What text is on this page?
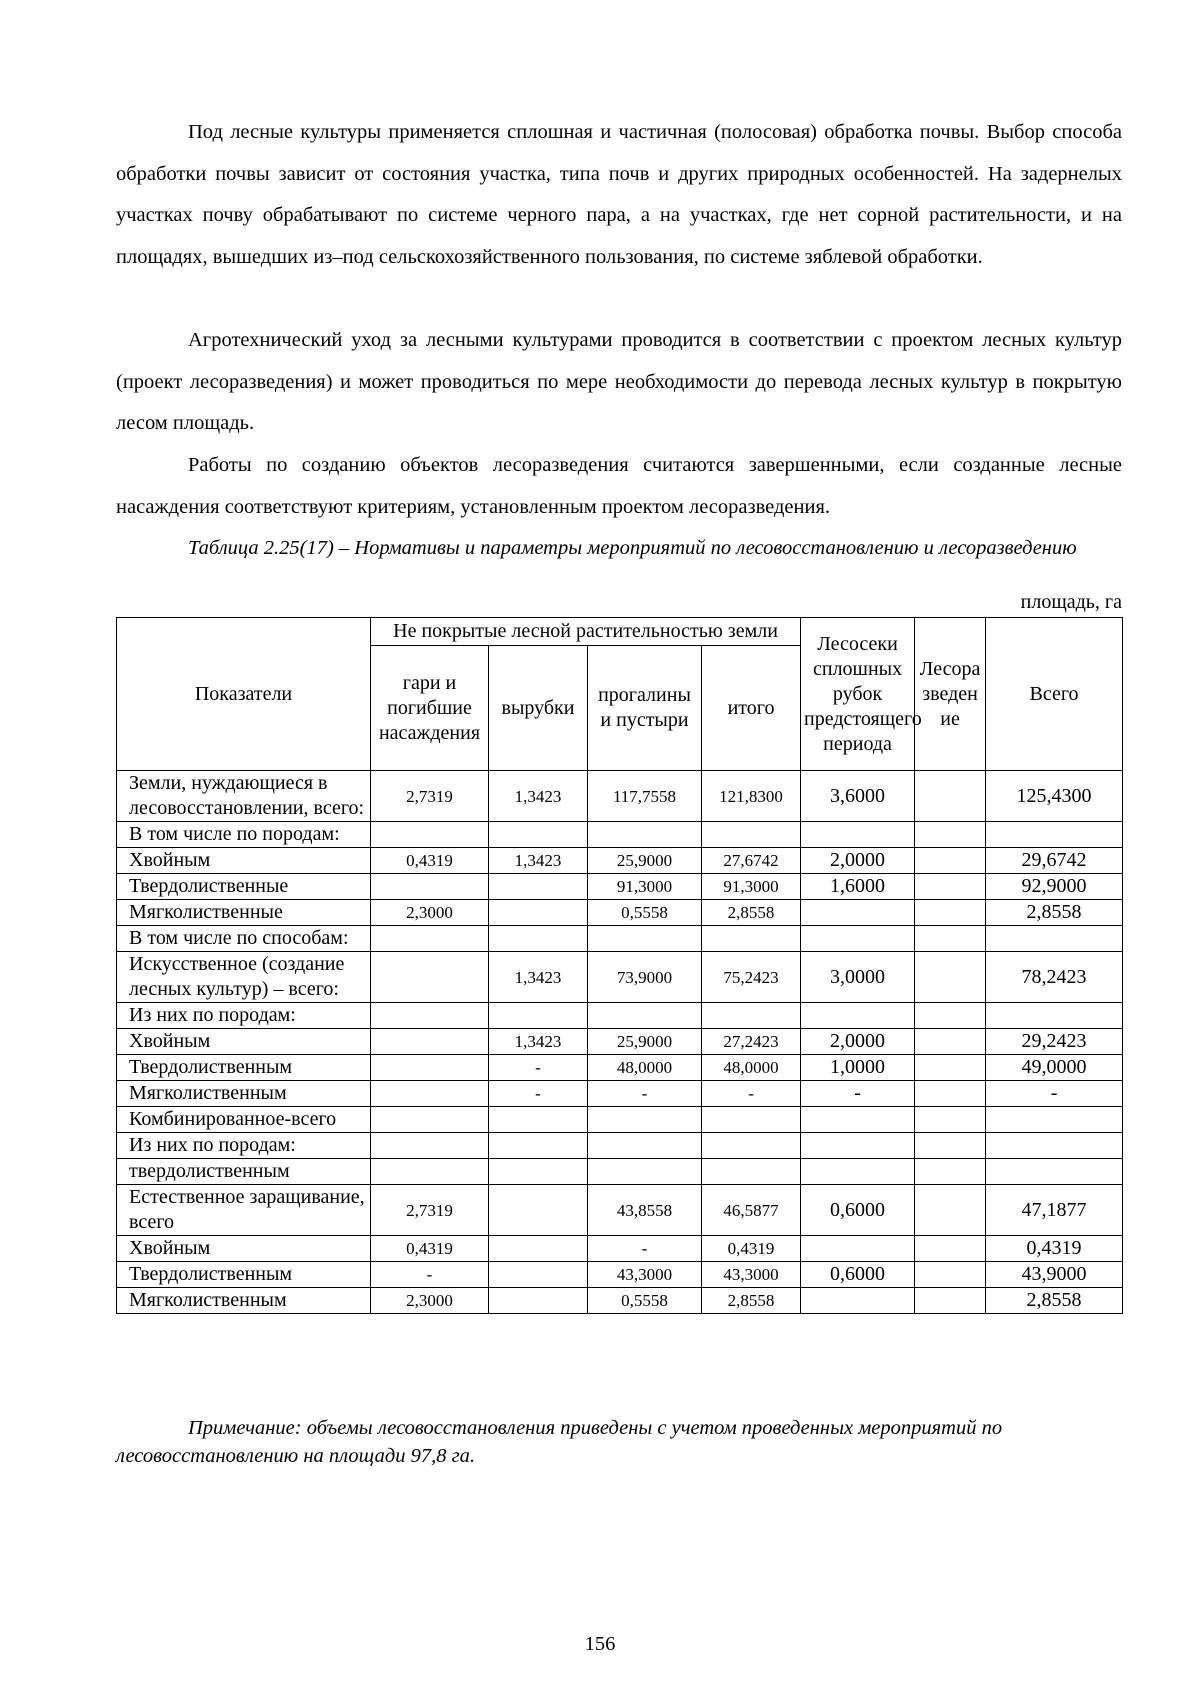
Под лесные культуры применяется сплошная и частичная (полосовая) обработка почвы. Выбор способа обработки почвы зависит от состояния участка, типа почв и других природных особенностей. На задернелых участках почву обрабатывают по системе черного пара, а на участках, где нет сорной растительности, и на площадях, вышедших из–под сельскохозяйственного пользования, по системе зяблевой обработки.

Агротехнический уход за лесными культурами проводится в соответствии с проектом лесных культур (проект лесоразведения) и может проводиться по мере необходимости до перевода лесных культур в покрытую лесом площадь.

Работы по созданию объектов лесоразведения считаются завершенными, если созданные лесные насаждения соответствуют критериям, установленным проектом лесоразведения.

Таблица 2.25(17) – Нормативы и параметры мероприятий по лесовосстановлению и лесоразведению

площадь, га
Показатели	Не покрытые лесной растительностью земли				Лесосеки сплошных рубок предстоящего периода	Лесоразведение	Всего
	гари и погибшие насаждения	вырубки	прогалины и пустыри	итого			
Земли, нуждающиеся в лесовосстановлении, всего:	2,7319	1,3423	117,7558	121,8300	3,6000		125,4300
В том числе по породам:							
Хвойным	0,4319	1,3423	25,9000	27,6742	2,0000		29,6742
Твердолиственные			91,3000	91,3000	1,6000		92,9000
Мягколиственные	2,3000		0,5558	2,8558			2,8558
В том числе по способам:							
Искусственное (создание лесных культур) – всего:		1,3423	73,9000	75,2423	3,0000		78,2423
Из них по породам:							
Хвойным		1,3423	25,9000	27,2423	2,0000		29,2423
Твердолиственным		-	48,0000	48,0000	1,0000		49,0000
Мягколиственным		-	-	-	-		-
Комбинированное-всего							
Из них по породам:							
твердолиственным							
Естественное заращивание, всего	2,7319		43,8558	46,5877	0,6000		47,1877
Хвойным	0,4319		-	0,4319			0,4319
Твердолиственным	-		43,3000	43,3000	0,6000		43,9000
Мягколиственным	2,3000		0,5558	2,8558			2,8558

Примечание: объемы лесовосстановления приведены с учетом проведенных мероприятий по лесовосстановлению на площади 97,8 га.

156
